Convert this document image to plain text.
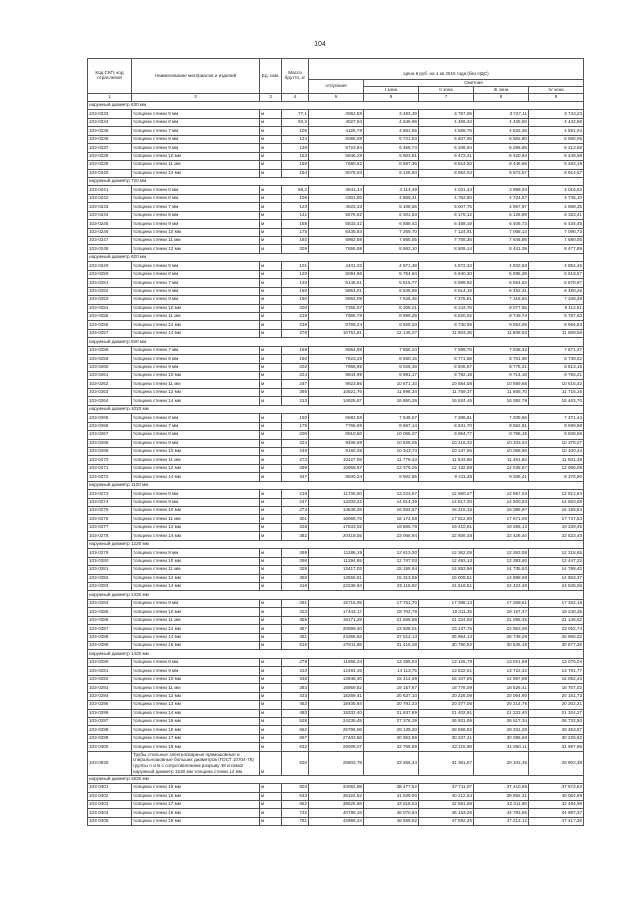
104
Код СКП, код отраслевой	Наименование материалов и изделий	Ед. изм.	Масса брутто, кг					
				Цена в руб. на 1 кв 2016 года (без НДС)				
				отпускная	Сметная			
					I зона	II зона	III зона	IV зона
1	2	3	4	5	6	7	8	9
наружный диаметр 630 мм								
103-0233	толщина стенки 5 мм	м	77,1	3062,59	3 483,49	3 757,06	3 727,11	3 743,23
103-0234	толщина стенки 6 мм	м	92,3	4027,94	4 546,96	4 459,34	4 425,60	4 442,96
103-0235	толщина стенки 7 мм	м	108	4126,79	4 661,55	4 568,76	4 532,35	4 551,04
103-0236	толщина стенки 8 мм	м	124	5065,09	5 721,53	5 607,06	5 562,80	5 585,05
103-0237	толщина стенки 9 мм	м	138	5723,94	6 465,74	6 336,94	6 286,65	6 313,69
103-0238	толщина стенки 10 мм	м	153	5846,28	6 603,81	6 472,41	6 420,84	6 448,58
103-0239	толщина стенки 11 мм	м	168	7690,62	8 687,36	8 514,50	8 446,69	8 483,19
103-0240	толщина стенки 12 мм	м	184	8078,93	9 128,94	8 962,03	8 873,67	8 914,57
наружный диаметр 720 мм								
103-0241	толщина стенки 5 мм	м	88,2	3641,44	4 113,49	4 031,44	3 999,34	4 016,63
103-0242	толщина стенки 6 мм	м	106	4301,90	4 859,41	4 762,50	4 724,57	4 745,10
103-0243	толщина стенки 7 мм	м	123	4523,33	5 108,55	5 007,75	4 967,87	4 989,35
103-0244	толщина стенки 8 мм	м	141	5578,62	6 301,63	6 176,12	6 126,89	6 153,41
103-0245	толщина стенки 9 мм	м	158	5833,42	6 585,43	6 458,19	6 406,73	6 434,46
103-0246	толщина стенки 10 мм	м	175	6435,84	7 269,70	7 124,91	7 068,14	7 098,73
103-0247	толщина стенки 11 мм	м	192	6962,88	7 865,05	7 708,36	7 646,98	7 680,05
103-0248	толщина стенки 12 мм	м	209	7655,99	8 662,10	8 509,14	8 441,39	8 477,89
наружный диаметр 820 мм								
103-0249	толщина стенки 5 мм	м	101	4401,02	4 971,38	4 872,34	4 833,53	4 854,46
103-0250	толщина стенки 6 мм	м	120	5094,96	5 754,94	5 640,30	5 595,39	5 619,57
103-0251	толщина стенки 7 мм	м	140	5148,51	5 815,77	5 699,92	5 654,52	5 678,97
103-0252	толщина стенки 8 мм	м	160	5854,01	6 646,59	6 514,19	6 462,31	6 490,26
103-0253	толщина стенки 9 мм	м	180	6662,09	7 525,46	7 375,81	7 316,82	7 348,48
103-0254	толщина стенки 10 мм	м	200	7355,07	8 308,21	8 142,76	8 077,85	8 112,91
103-0255	толщина стенки 11 мм	м	219	7966,78	8 999,28	8 820,02	8 749,74	8 787,63
103-0256	толщина стенки 12 мм	м	239	8769,24	9 928,33	9 730,59	9 653,05	9 694,83
103-0257	толщина стенки 14 мм	м	278	10751,81	12 145,27	11 903,35	11 808,53	11 859,59
наружный диаметр 920 мм								
103-0258	толщина стенки 7 мм	м	158	6954,89	7 856,24	7 699,75	7 638,42	7 671,47
103-0259	толщина стенки 8 мм	м	180	7623,29	8 650,15	8 771,88	8 701,98	8 739,62
103-0260	толщина стенки 9 мм	м	202	7958,95	9 025,48	8 845,67	8 775,21	8 813,16
103-0261	толщина стенки 10 мм	м	224	8844,99	9 991,17	9 792,18	9 714,18	9 756,21
103-0262	толщина стенки 11 мм	м	247	9623,85	10 871,10	10 654,58	10 569,68	10 615,42
103-0263	толщина стенки 12 мм	м	269	10621,76	11 998,34	11 759,37	11 665,70	11 716,16
103-0264	толщина стенки 14 мм	м	313	14925,87	16 860,26	16 524,45	16 392,79	16 463,70
наружный диаметр 1020 мм								
103-0265	толщина стенки 6 мм	м	150	6682,59	7 548,67	7 398,61	7 339,56	7 371,44
103-0266	толщина стенки 7 мм	м	175	7766,69	8 667,14	8 631,70	8 562,91	8 599,98
103-0267	толщина стенки 8 мм	м	200	8910,50	10 065,27	9 864,77	9 786,19	9 828,56
103-0268	толщина стенки 9 мм	м	224	9408,69	10 628,05	10 416,32	10 333,34	10 378,07
103-0269	толщина стенки 10 мм	м	249	9150,35	10 343,74	10 137,66	10 056,90	10 100,44
103-0270	толщина стенки 11 мм	м	273	10427,08	11 778,43	11 543,86	11 451,82	11 501,38
103-0271	толщина стенки 12 мм	м	298	10959,97	12 379,25	12 132,69	12 035,67	12 086,08
103-0272	толщина стенки 14 мм	м	347	8500,24	9 602,55	9 411,38	9 336,41	9 376,80
наружный диаметр 1120 мм								
103-0273	толщина стенки 8 мм	м	219	11706,50	13 223,67	12 960,27	12 857,03	12 912,64
103-0274	толщина стенки 9 мм	м	247	13200,22	14 914,39	14 617,30	14 500,53	14 563,59
103-0275	толщина стенки 10 мм	м	274	14648,48	16 564,67	16 215,15	16 085,97	16 155,54
103-0276	толщина стенки 11 мм	м	301	16069,75	18 174,58	17 812,90	17 671,06	17 747,53
103-0277	толщина стенки 12 мм	м	328	17533,02	19 805,78	19 410,81	19 256,13	19 339,45
103-0278	толщина стенки 14 мм	м	382	20419,55	23 065,94	22 606,48	22 426,40	22 523,40
наружный диаметр 1220 мм								
103-0279	толщина стенки 9 мм	м	269	11186,19	12 613,30	12 362,05	12 263,58	12 316,65
103-0280	толщина стенки 10 мм	м	298	11294,55	12 747,03	12 493,13	12 393,60	12 447,22
103-0281	толщина стенки 11 мм	м	328	13417,03	15 155,94	14 853,96	14 735,63	14 799,40
103-0282	толщина стенки 12 мм	м	358	13556,81	15 313,55	15 008,51	14 888,98	14 953,37
103-0283	толщина стенки 14 мм	м	416	22236,94	25 118,82	24 618,51	24 422,40	24 528,06
наружный диаметр 1320 мм								
103-0284	толщина стенки 9 мм	м	291	15715,05	17 751,70	17 398,13	17 259,51	17 334,19
103-0285	толщина стенки 10 мм	м	323	17443,17	19 703,79	19 311,35	19 157,47	19 240,35
103-0286	толщина стенки 11 мм	м	355	19171,28	21 655,88	21 224,55	21 055,45	21 146,52
103-0287	толщина стенки 12 мм	м	387	20899,40	23 608,01	23 137,75	22 953,39	23 052,74
103-0288	толщина стенки 14 мм	м	451	24355,63	27 512,13	26 964,13	26 749,28	26 865,02
103-0289	толщина стенки 16 мм	м	515	27811,86	31 416,28	30 790,52	30 545,19	30 677,36
наружный диаметр 1420 мм								
103-0290	толщина стенки 8 мм	м	278	11656,43	13 395,03	13 125,79	13 021,69	13 076,04
103-0291	толщина стенки 9 мм	м	313	12494,45	14 113,75	13 832,61	13 722,42	13 781,77
103-0292	толщина стенки 10 мм	м	348	13648,40	15 414,69	15 107,65	14 987,59	15 052,44
103-0293	толщина стенки 11 мм	м	383	16959,82	19 157,67	18 776,09	18 626,41	18 707,02
103-0294	толщина стенки 12 мм	м	423	18269,41	20 637,10	20 226,09	20 064,90	20 151,73
103-0295	толщина стенки 13 мм	м	453	18405,84	20 791,23	20 377,06	20 214,76	20 302,21
103-0296	толщина стенки 14 мм	м	493	19332,40	21 837,89	21 402,91	21 232,40	21 324,27
103-0297	толщина стенки 15 мм	м	528	24235,45	27 376,39	26 831,06	26 617,34	26 732,50
103-0298	толщина стенки 16 мм	м	562	25796,06	29 139,20	28 558,82	28 331,28	28 453,87
103-0299	толщина стенки 17 мм	м	597	27402,56	30 953,96	30 337,41	30 095,68	30 225,92
103-0300	толщина стенки 18 мм	м	632	29009,07	32 768,69	32 115,98	31 860,11	31 997,98
103-0925	Трубы стальные электросварные прямошовные и спиральношовные больших диаметров (ГОСТ 10704-76) группы А и Б с сопротивлением разрыву 38 кгс/мм2 наружный диаметр 1530 мм толщина стенки 12 мм	м	520	25803,78	33 356,44	31 381,67	29 102,35	29 902,38
наружный диаметр 1620 мм								
103-0301	толщина стенки 15 мм	м	603	34062,98	38 477,52	37 711,07	37 410,65	37 572,53
103-0302	толщина стенки 16 мм	м	643	36322,52	41 029,90	40 212,64	39 892,31	40 064,89
103-0303	толщина стенки 17 мм	м	682	38525,66	43 518,53	42 651,68	42 311,90	42 494,98
103-0304	толщина стенки 18 мм	м	722	40785,16	46 070,84	45 153,26	44 793,55	44 987,37
103-0305	толщина стенки 19 мм	м	761	42988,24	48 559,52	47 592,25	47 213,12	47 417,36
